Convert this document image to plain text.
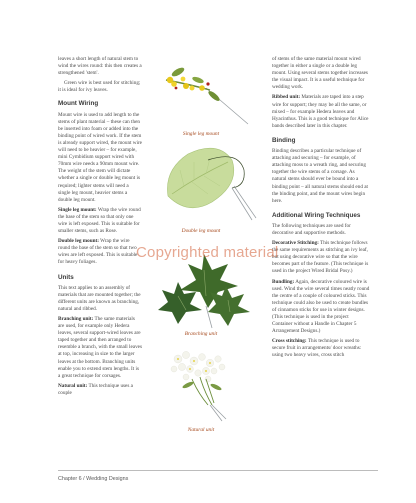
leaves a short length of natural stem to wind the wires round: this then creates a strengthened 'stem'.

Green wire is best used for stitching; it is ideal for ivy leaves.

Mount Wiring

Mount wire is used to add length to the stems of plant material – these can then be inserted into foam or added into the binding point of wired work. If the stem is already support wired, the mount wire will need to be heavier – for example, mini Cymbidium support wired with 70mm wire needs a 90mm mount wire. The weight of the stem will dictate whether a single or double leg mount is required; lighter stems will need a single leg mount, heavier stems a double leg mount.

Single leg mount: Wrap the wire round the base of the stem so that only one wire is left exposed. This is suitable for smaller stems, such as Rose.

Double leg mount: Wrap the wire round the base of the stem so that two wires are left exposed. This is suitable for heavy foliages.

Units

This text applies to an assembly of materials that are mounted together; the different units are known as branching, natural and ribbed.

Branching unit: The same materials are used, for example only Hedera leaves, several support-wired leaves are taped together and then arranged to resemble a branch, with the small leaves at top, increasing in size to the larger leaves at the bottom. Branching units enable you to extend stem lengths. It is a great technique for corsages.

Natural unit: This technique uses a couple

Single leg mount
Double leg mount
Branching unit
Natural unit

of stems of the same material mount wired together in either a single or a double leg mount. Using several stems together increases the visual impact. It is a useful technique for wedding work.

Ribbed unit: Materials are taped into a step wire for support; they may be all the same, or mixed – for example Hedera leaves and Hyacinthus. This is a good technique for Alice bands described later in this chapter.

Binding

Binding describes a particular technique of attaching and securing – for example, of attaching moss to a wreath ring, and securing together the wire stems of a corsage. As natural stems should ever be bound into a binding point – all natural stems should end at the binding point, and the mount wires begin here.

Additional Wiring Techniques

The following techniques are used for decorative and supportive methods.

Decorative Stitching: This technique follows the same requirements as stitching an ivy leaf, but using decorative wire so that the wire becomes part of the feature. (This technique is used in the project Wired Bridal Posy.)

Bundling: Again, decorative coloured wire is used. Wind the wire several times neatly round the centre of a couple of coloured sticks. This technique could also be used to create bundles of cinnamon sticks for use in winter designs. (This technique is used in the project Container without a Handle in Chapter 5 Arrangement Designs.)

Cross stitching: This technique is used to secure fruit in arrangements/ door wreaths: using two heavy wires, cross stitch

Copyrighted material
Chapter 6 / Wedding Designs
